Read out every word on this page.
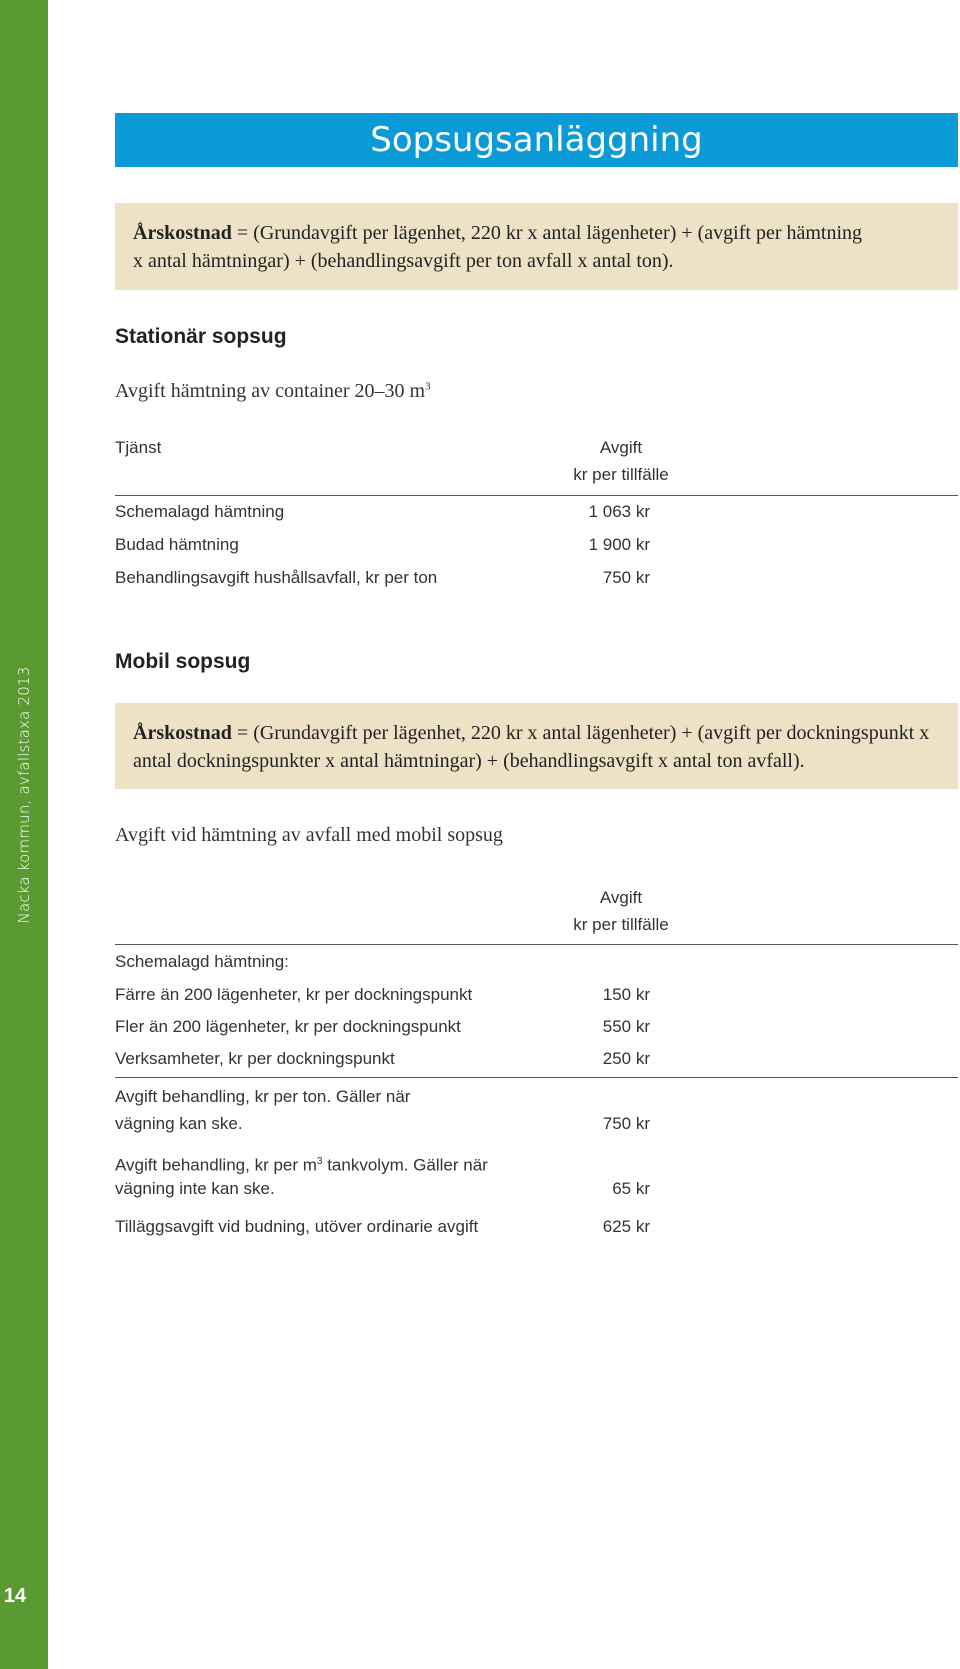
Nacka kommun, avfallstaxa 2013
14
Sopsugsanläggning
Årskostnad = (Grundavgift per lägenhet, 220 kr x antal lägenheter) + (avgift per hämtning
x antal hämtningar) + (behandlingsavgift per ton avfall x antal ton).
Stationär sopsug
Avgift hämtning av container 20–30 $m^3$
Tjänst	Avgift
kr per tillfälle
Schemalagd hämtning	1 063 kr
Budad hämtning	1 900 kr
Behandlingsavgift hushållsavfall, kr per ton	750 kr
Mobil sopsug
Årskostnad = (Grundavgift per lägenhet, 220 kr x antal lägenheter) + (avgift per dockningspunkt x
antal dockningspunkter x antal hämtningar) + (behandlingsavgift x antal ton avfall).
Avgift vid hämtning av avfall med mobil sopsug
Avgift
kr per tillfälle
Schemalagd hämtning:
Färre än 200 lägenheter, kr per dockningspunkt	150 kr
Fler än 200 lägenheter, kr per dockningspunkt	550 kr
Verksamheter, kr per dockningspunkt	250 kr
Avgift behandling, kr per ton. Gäller när
vägning kan ske.	750 kr
Avgift behandling, kr per $m^3$ tankvolym. Gäller när
vägning inte kan ske.	65 kr
Tilläggsavgift vid budning, utöver ordinarie avgift	625 kr
